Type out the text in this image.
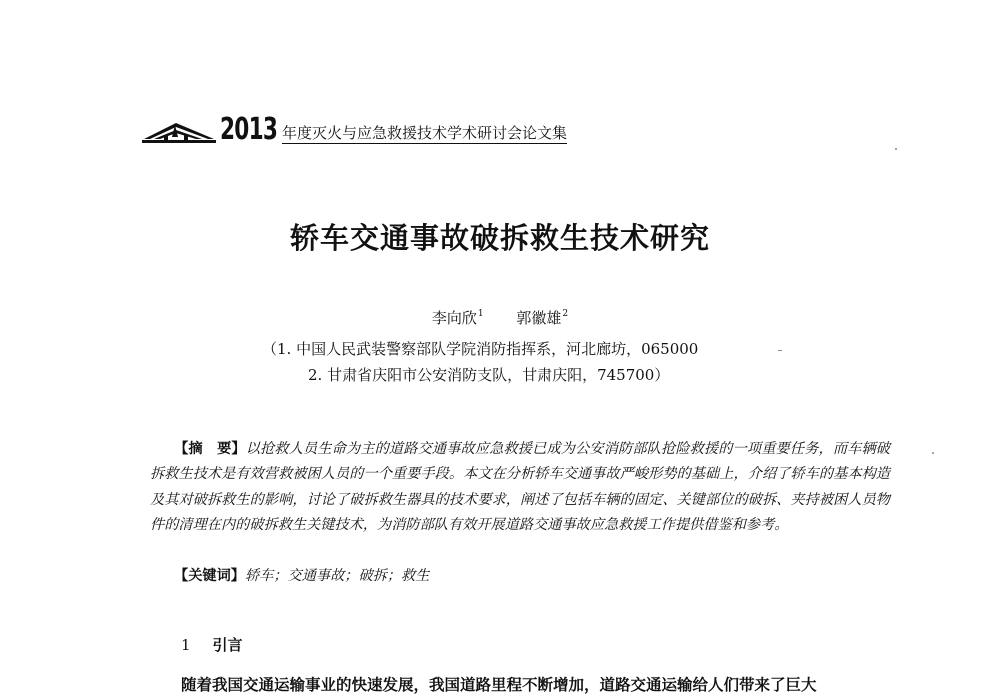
2013 年度灭火与应急救援技术学术研讨会论文集
轿车交通事故破拆救生技术研究
李向欣$^1$ 郭徽雄$^2$
（1. 中国人民武装警察部队学院消防指挥系，河北廊坊，065000
2. 甘肃省庆阳市公安消防支队，甘肃庆阳，745700）
【摘　要】以抢救人员生命为主的道路交通事故应急救援已成为公安消防部队抢险救援的一项重要任务，而车辆破拆救生技术是有效营救被困人员的一个重要手段。本文在分析轿车交通事故严峻形势的基础上，介绍了轿车的基本构造及其对破拆救生的影响，讨论了破拆救生器具的技术要求，阐述了包括车辆的固定、关键部位的破拆、夹持被困人员物件的清理在内的破拆救生关键技术，为消防部队有效开展道路交通事故应急救援工作提供借鉴和参考。
【关键词】轿车；交通事故；破拆；救生
1 引言
随着我国交通运输事业的快速发展，我国道路里程不断增加，道路交通运输给人们带来了巨大
